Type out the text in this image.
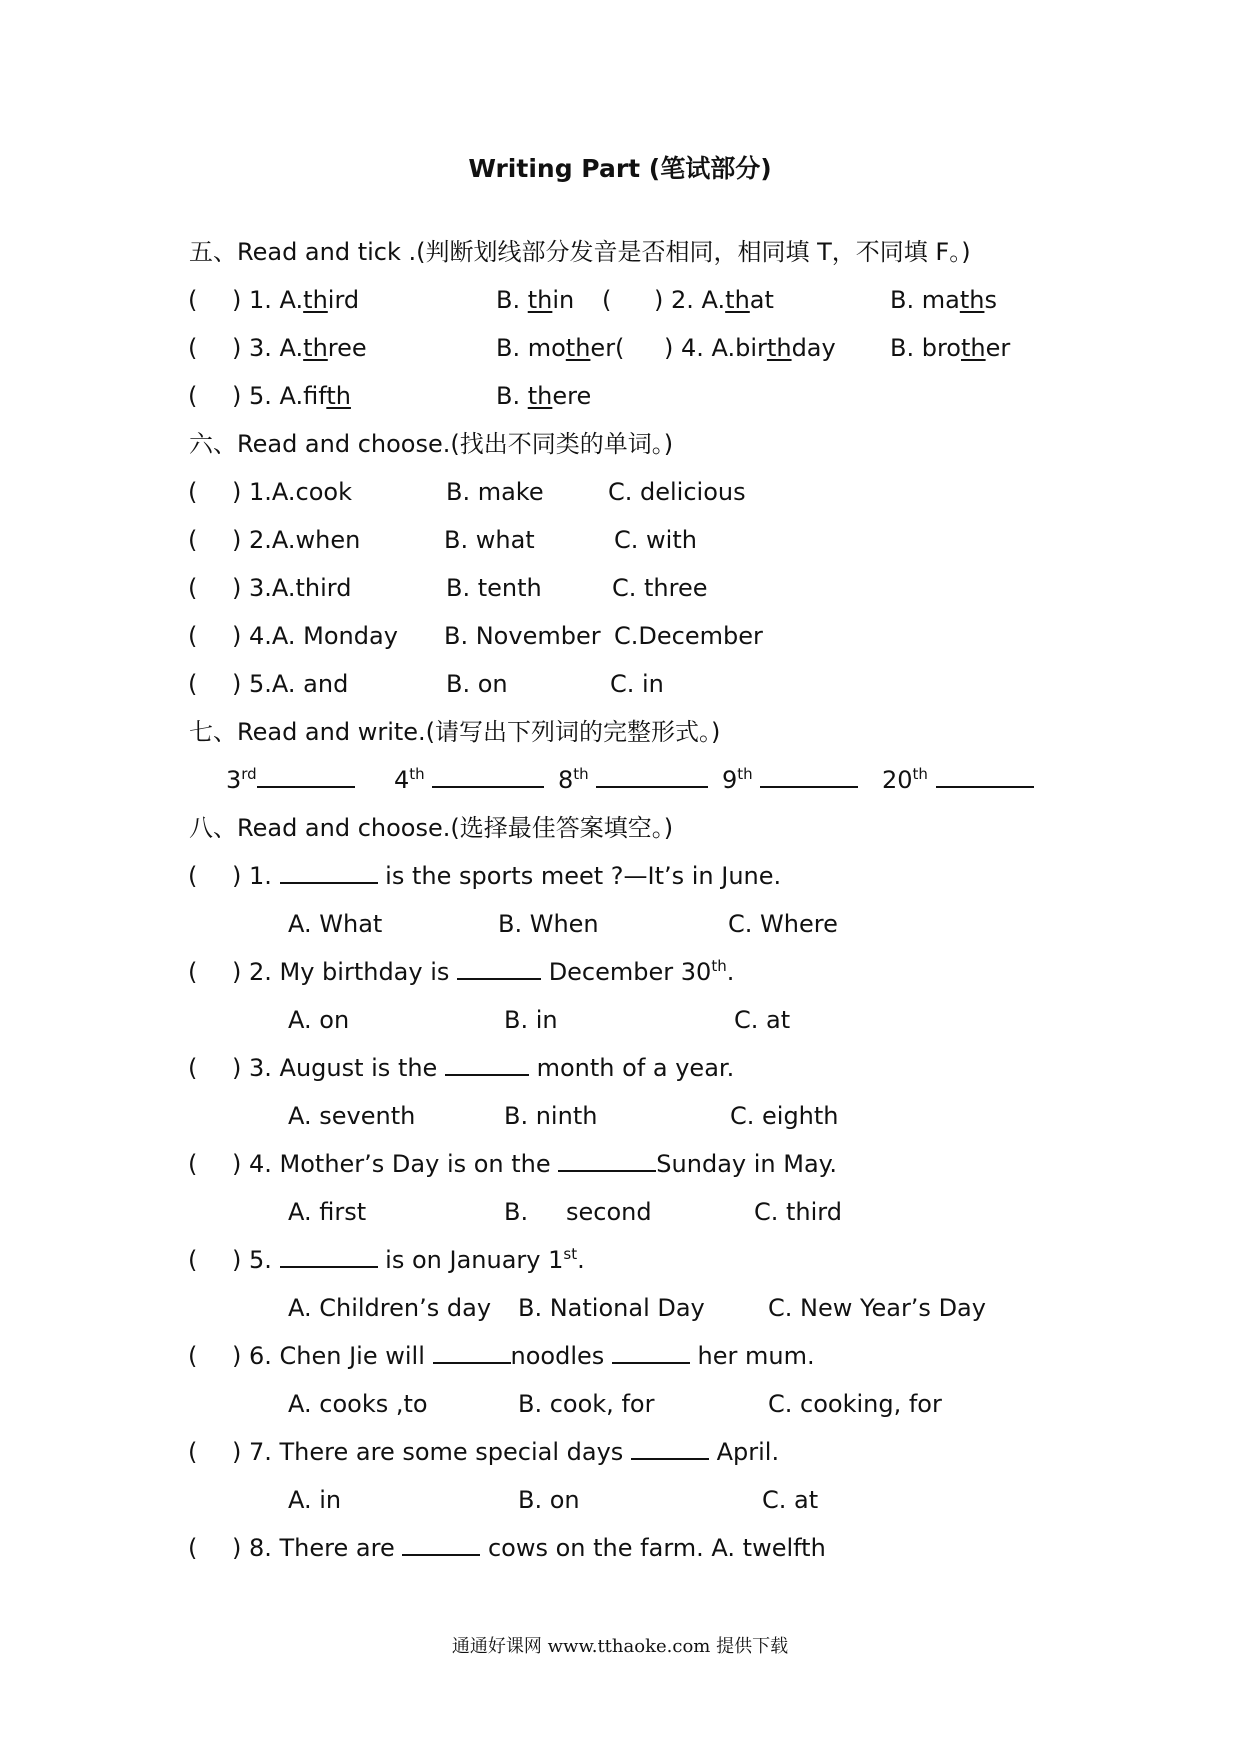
Writing Part (笔试部分)
五、Read and tick .(判断划线部分发音是否相同，相同填 T，不同填 F。)
( ) 1. A.third	B. thin ( ) 2. A.that	B. maths
( ) 3. A.three	B. mother( ) 4. A.birthday B. brother
( ) 5. A.fifth	B. there
六、Read and choose.(找出不同类的单词。)
( ) 1.A.cook	B. make	C. delicious
( ) 2.A.when	B. what	C. with
( ) 3.A.third	B. tenth	C. three
( ) 4.A. Monday B. November C.December
( ) 5.A. and	B. on	C. in
七、Read and write.(请写出下列词的完整形式。)
3rd	4th	8th	9th	20th
八、Read and choose.(选择最佳答案填空。)
( ) 1.	is the sports meet ?—It’s in June.
A. What	B. When	C. Where
( ) 2. My birthday is	December 30th.
A. on	B. in	C. at
( ) 3. August is the	month of a year.
A. seventh	B. ninth	C. eighth
( ) 4. Mother’s Day is on the	Sunday in May.
A. first	B. second	C. third
( ) 5.	is on January 1st.
A. Children’s day B. National Day	C. New Year’s Day
( ) 6. Chen Jie will	noodles	her mum.
A. cooks ,to	B. cook, for	C. cooking, for
( ) 7. There are some special days	April.
A. in	B. on	C. at
( ) 8. There are	cows on the farm. A. twelfth
通通好课网 www.tthaoke.com 提供下载
